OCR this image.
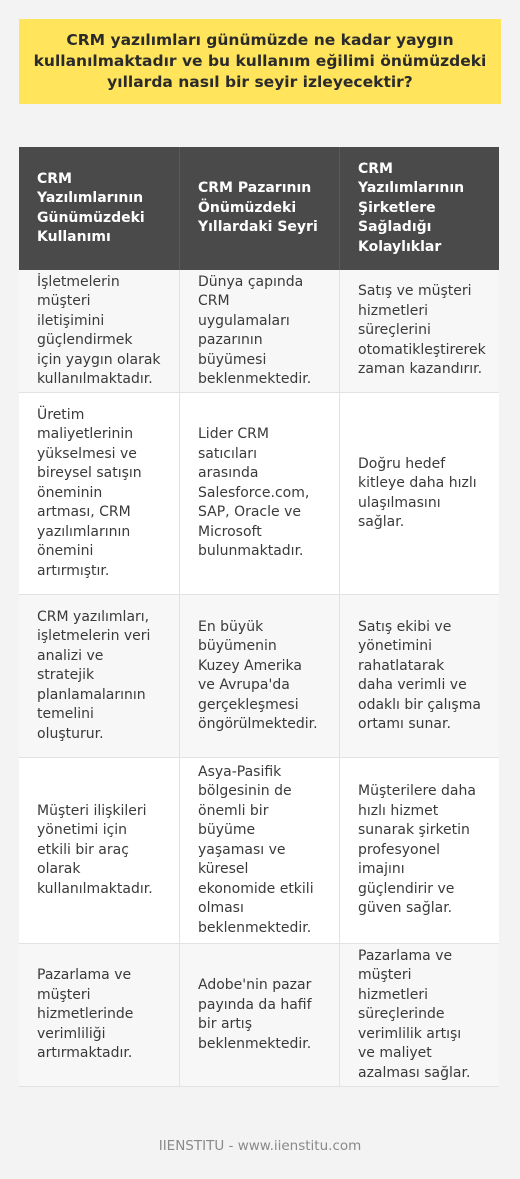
CRM yazılımları günümüzde ne kadar yaygın kullanılmaktadır ve bu kullanım eğilimi önümüzdeki yıllarda nasıl bir seyir izleyecektir?
CRM Yazılımlarının Günümüzdeki Kullanımı
CRM Pazarının Önümüzdeki Yıllardaki Seyri
CRM Yazılımlarının Şirketlere Sağladığı Kolaylıklar
İşletmelerin müşteri iletişimini güçlendirmek için yaygın olarak kullanılmaktadır.
Dünya çapında CRM uygulamaları pazarının büyümesi beklenmektedir.
Satış ve müşteri hizmetleri süreçlerini otomatikleştirerek zaman kazandırır.
Üretim maliyetlerinin yükselmesi ve bireysel satışın öneminin artması, CRM yazılımlarının önemini artırmıştır.
Lider CRM satıcıları arasında Salesforce.com, SAP, Oracle ve Microsoft bulunmaktadır.
Doğru hedef kitleye daha hızlı ulaşılmasını sağlar.
CRM yazılımları, işletmelerin veri analizi ve stratejik planlamalarının temelini oluşturur.
En büyük büyümenin Kuzey Amerika ve Avrupa'da gerçekleşmesi öngörülmektedir.
Satış ekibi ve yönetimini rahatlatarak daha verimli ve odaklı bir çalışma ortamı sunar.
Müşteri ilişkileri yönetimi için etkili bir araç olarak kullanılmaktadır.
Asya-Pasifik bölgesinin de önemli bir büyüme yaşaması ve küresel ekonomide etkili olması beklenmektedir.
Müşterilere daha hızlı hizmet sunarak şirketin profesyonel imajını güçlendirir ve güven sağlar.
Pazarlama ve müşteri hizmetlerinde verimliliği artırmaktadır.
Adobe'nin pazar payında da hafif bir artış beklenmektedir.
Pazarlama ve müşteri hizmetleri süreçlerinde verimlilik artışı ve maliyet azalması sağlar.
IIENSTITU - www.iienstitu.com
